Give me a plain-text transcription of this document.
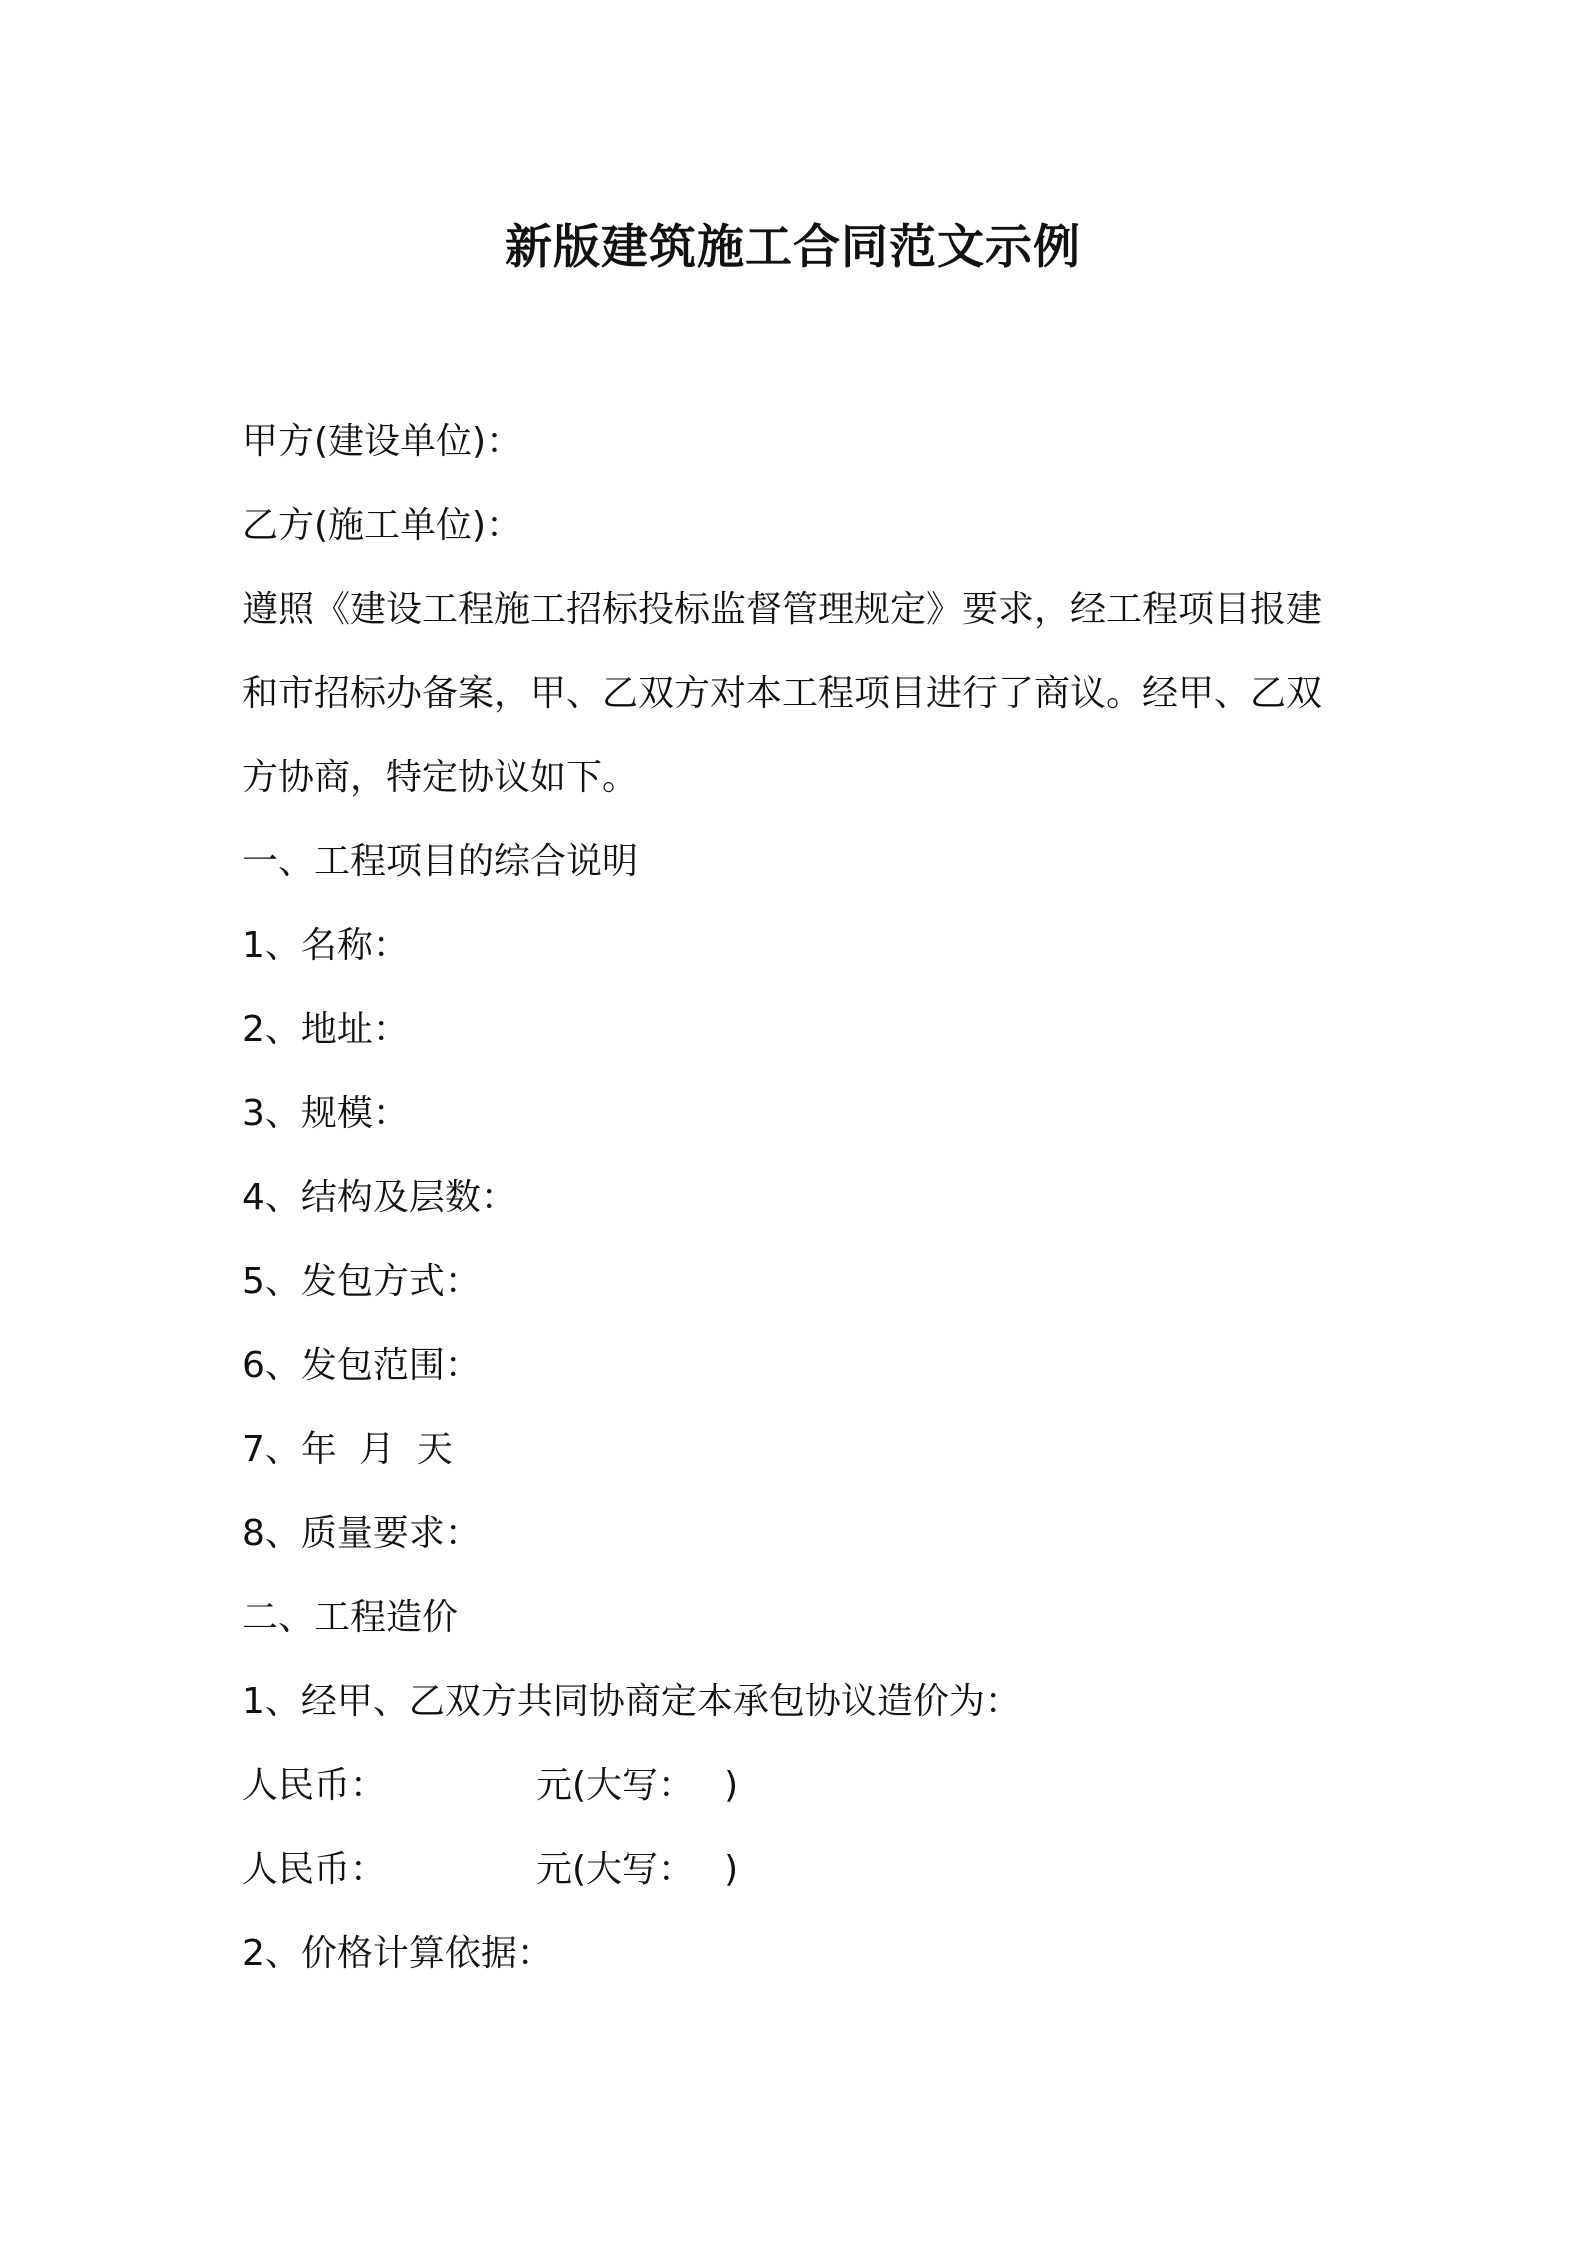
新版建筑施工合同范文示例
甲方(建设单位)：
乙方(施工单位)：
遵照《建设工程施工招标投标监督管理规定》要求，经工程项目报建
和市招标办备案，甲、乙双方对本工程项目进行了商议。经甲、乙双
方协商，特定协议如下。
一、工程项目的综合说明
1、名称：
2、地址：
3、规模：
4、结构及层数：
5、发包方式：
6、发包范围：
7、年 月 天
8、质量要求：
二、工程造价
1、经甲、乙双方共同协商定本承包协议造价为：
人民币：	元(大写： )
人民币：	元(大写： )
2、价格计算依据：
